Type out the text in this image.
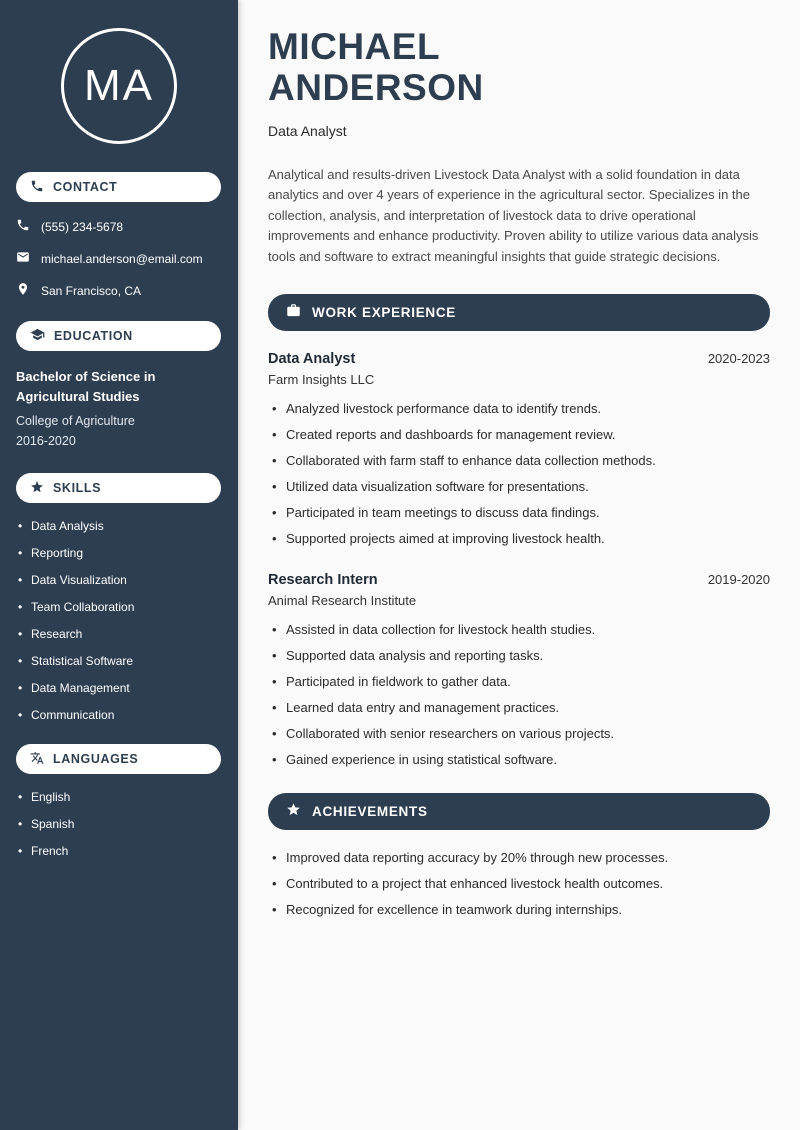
MA
CONTACT
(555) 234-5678
michael.anderson@email.com
San Francisco, CA
EDUCATION
Bachelor of Science in Agricultural Studies
College of Agriculture
2016-2020
SKILLS
• Data Analysis
• Reporting
• Data Visualization
• Team Collaboration
• Research
• Statistical Software
• Data Management
• Communication
LANGUAGES
• English
• Spanish
• French
MICHAEL
ANDERSON
Data Analyst

Analytical and results-driven Livestock Data Analyst with a solid foundation in data analytics and over 4 years of experience in the agricultural sector. Specializes in the collection, analysis, and interpretation of livestock data to drive operational improvements and enhance productivity. Proven ability to utilize various data analysis tools and software to extract meaningful insights that guide strategic decisions.

WORK EXPERIENCE
Data Analyst	2020-2023
Farm Insights LLC
• Analyzed livestock performance data to identify trends.
• Created reports and dashboards for management review.
• Collaborated with farm staff to enhance data collection methods.
• Utilized data visualization software for presentations.
• Participated in team meetings to discuss data findings.
• Supported projects aimed at improving livestock health.
Research Intern	2019-2020
Animal Research Institute
• Assisted in data collection for livestock health studies.
• Supported data analysis and reporting tasks.
• Participated in fieldwork to gather data.
• Learned data entry and management practices.
• Collaborated with senior researchers on various projects.
• Gained experience in using statistical software.
ACHIEVEMENTS
• Improved data reporting accuracy by 20% through new processes.
• Contributed to a project that enhanced livestock health outcomes.
• Recognized for excellence in teamwork during internships.
